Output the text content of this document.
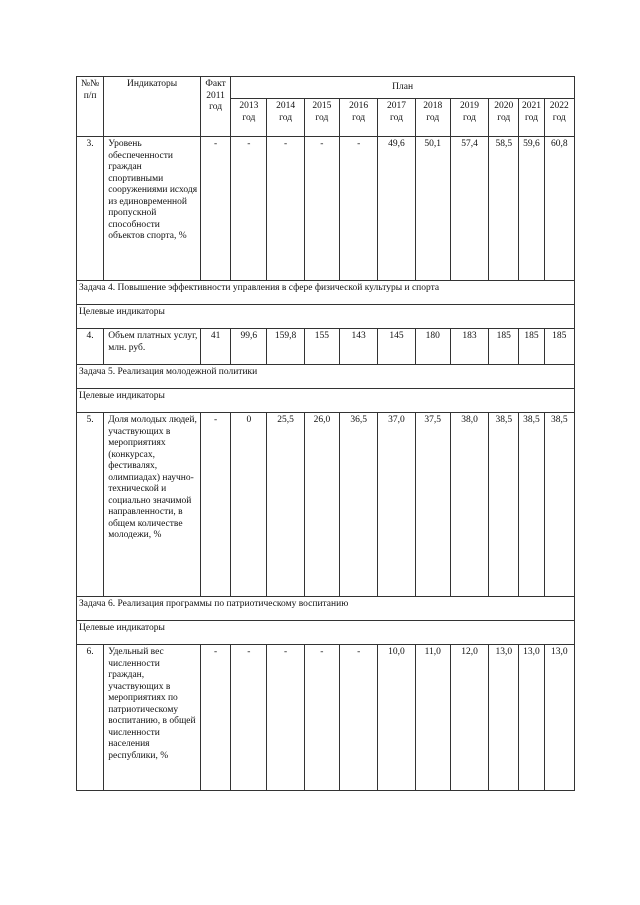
№№ п/п	Индикаторы	Факт 2011 год	План									
			2013 год	2014 год	2015 год	2016 год	2017 год	2018 год	2019 год	2020 год	2021 год	2022 год
3.	Уровень обеспеченности граждан спортивными сооружениями исходя из единовременной пропускной способности объектов спорта, %	-	-	-	-	-	49,6	50,1	57,4	58,5	59,6	60,8
Задача 4. Повышение эффективности управления в сфере физической культуры и спорта												
Целевые индикаторы												
4.	Объем платных услуг, млн. руб.	41	99,6	159,8	155	143	145	180	183	185	185	185
Задача 5. Реализация молодежной политики												
Целевые индикаторы												
5.	Доля молодых людей, участвующих в мероприятиях (конкурсах, фестивалях, олимпиадах) научно-технической и социально значимой направленности, в общем количестве молодежи, %	-	0	25,5	26,0	36,5	37,0	37,5	38,0	38,5	38,5	38,5
Задача 6. Реализация программы по патриотическому воспитанию												
Целевые индикаторы												
6.	Удельный вес численности граждан, участвующих в мероприятиях по патриотическому воспитанию, в общей численности населения республики, %	-	-	-	-	-	10,0	11,0	12,0	13,0	13,0	13,0
